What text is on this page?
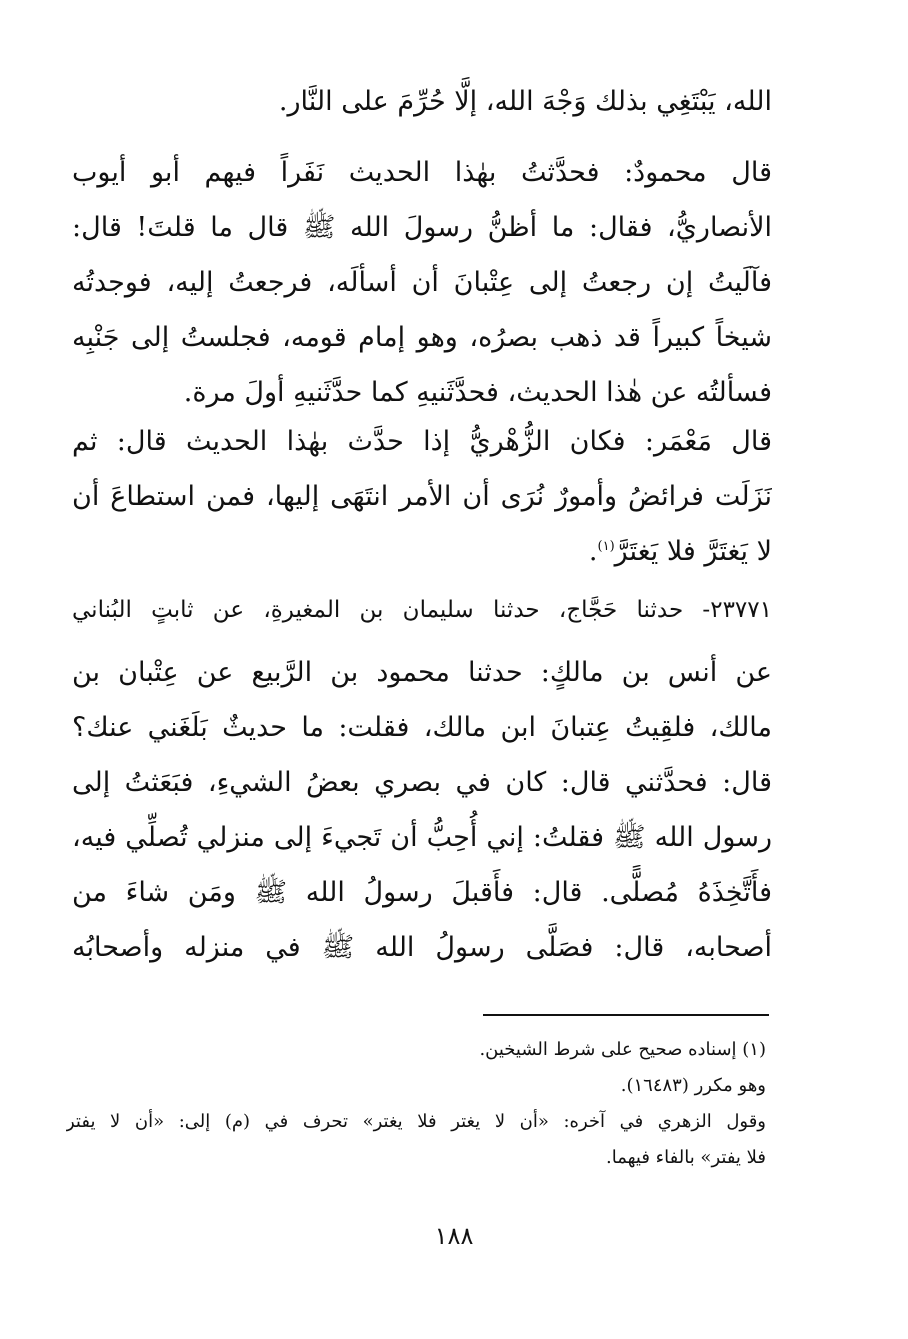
الله، يَبْتَغِي بذلك وَجْهَ الله، إلَّا حُرِّمَ على النَّار.
قال محمودٌ: فحدَّثتُ بهٰذا الحديث نَفَراً فيهم أبو أيوب
الأنصاريُّ، فقال: ما أظنُّ رسولَ الله ﷺ قال ما قلتَ! قال:
فآلَيتُ إن رجعتُ إلى عِتْبانَ أن أسألَه، فرجعتُ إليه، فوجدتُه
شيخاً كبيراً قد ذهب بصرُه، وهو إمام قومه، فجلستُ إلى جَنْبِه
فسألتُه عن هٰذا الحديث، فحدَّثَنيهِ كما حدَّثَنيهِ أولَ مرة.
قال مَعْمَر: فكان الزُّهْريُّ إذا حدَّث بهٰذا الحديث قال: ثم
نَزَلَت فرائضُ وأمورٌ نُرَى أن الأمر انتَهَى إليها، فمن استطاعَ أن
لا يَغتَرَّ فلا يَغتَرَّ$^{(١)}$.
٢٣٧٧١- حدثنا حَجَّاج، حدثنا سليمان بن المغيرةِ، عن ثابتٍ البُناني
عن أنس بن مالكٍ: حدثنا محمود بن الرَّبيع عن عِتْبان بن
مالك، فلقِيتُ عِتبانَ ابن مالك، فقلت: ما حديثٌ بَلَغَني عنك؟
قال: فحدَّثني قال: كان في بصري بعضُ الشيءِ، فبَعَثتُ إلى
رسول الله ﷺ فقلتُ: إني أُحِبُّ أن تَجيءَ إلى منزلي تُصلِّي فيه،
فأَتَّخِذَهُ مُصلًّى. قال: فأَقبلَ رسولُ الله ﷺ ومَن شاءَ من
أصحابه، قال: فصَلَّى رسولُ الله ﷺ في منزله وأصحابُه
(١) إسناده صحيح على شرط الشيخين.
وهو مكرر (١٦٤٨٣).
وقول الزهري في آخره: «أن لا يغتر فلا يغتر» تحرف في (م) إلى: «أن لا يفتر
فلا يفتر» بالفاء فيهما.
١٨٨
